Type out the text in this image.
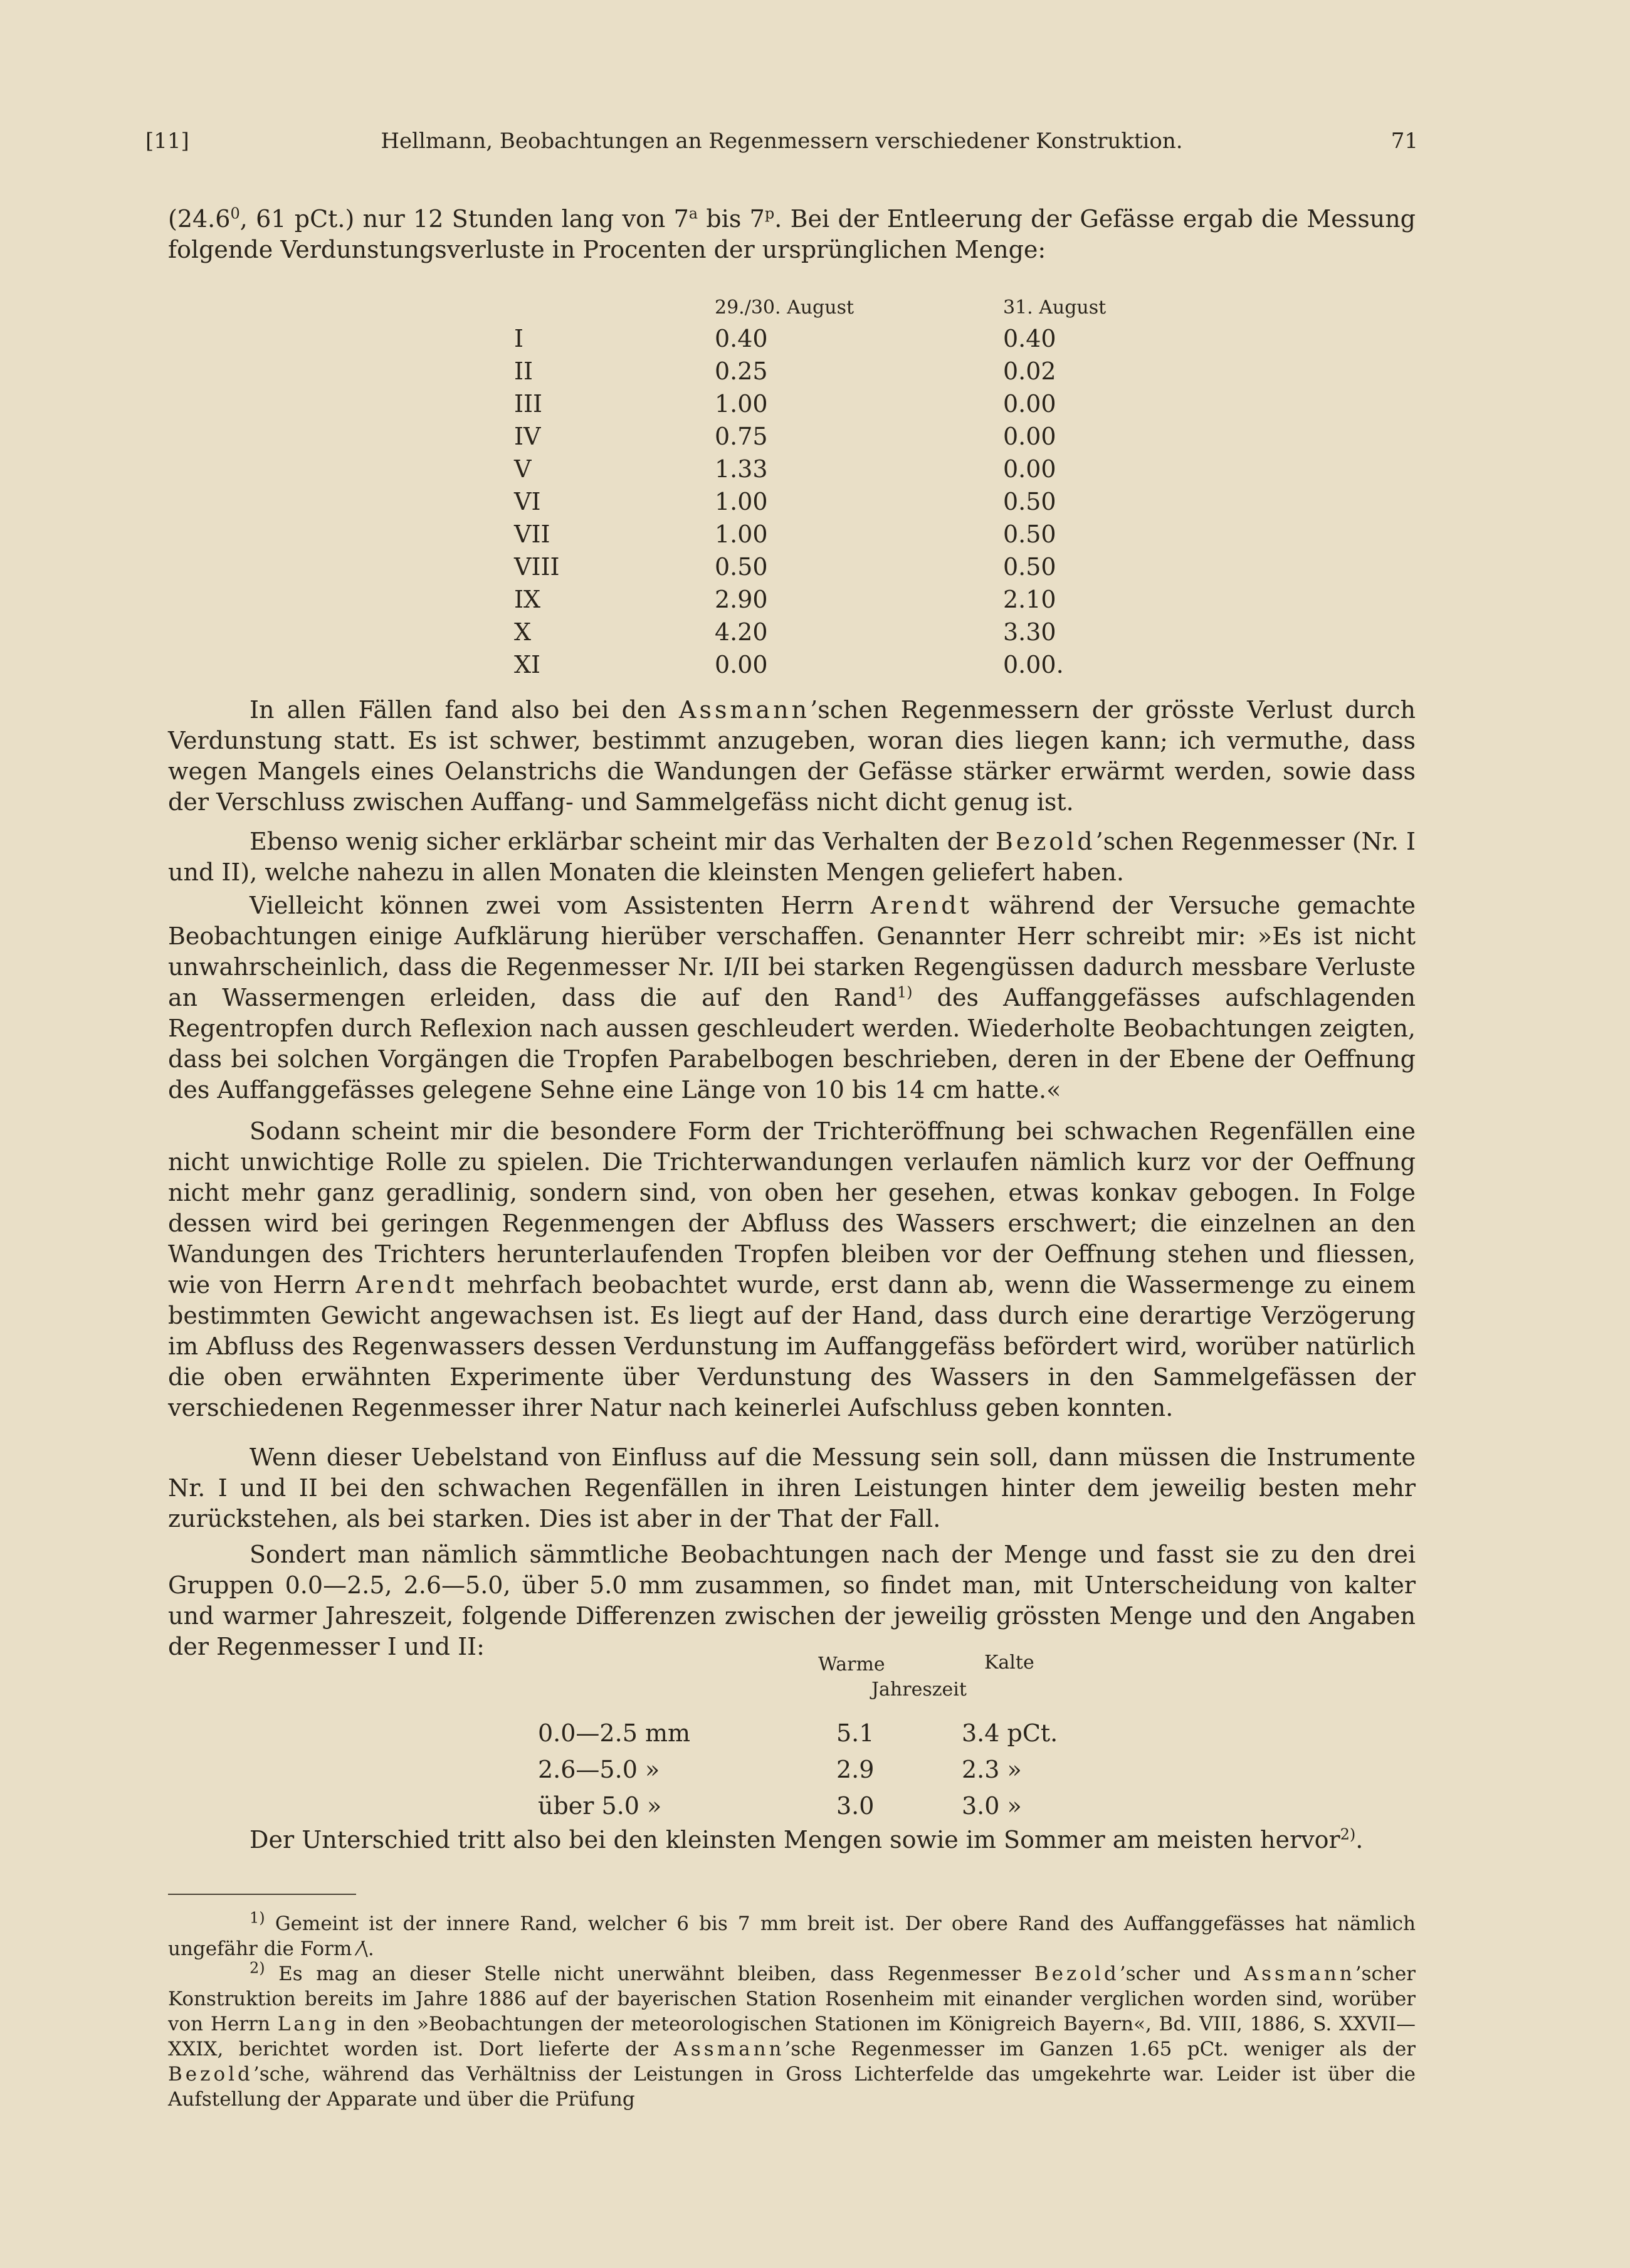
[11]	Hellmann, Beobachtungen an Regenmessern verschiedener Konstruktion.	71
(24.6$^0$, 61 pCt.) nur 12 Stunden lang von 7$^a$ bis 7$^p$. Bei der Entleerung der Gefässe ergab die Messung folgende Verdunstungsverluste in Procenten der ursprünglichen Menge:
	29./30. August	31. August
I	0.40	0.40
II	0.25	0.02
III	1.00	0.00
IV	0.75	0.00
V	1.33	0.00
VI	1.00	0.50
VII	1.00	0.50
VIII	0.50	0.50
IX	2.90	2.10
X	4.20	3.30
XI	0.00	0.00.
In allen Fällen fand also bei den Assmann’schen Regenmessern der grösste Verlust durch Verdunstung statt. Es ist schwer, bestimmt anzugeben, woran dies liegen kann; ich vermuthe, dass wegen Mangels eines Oelanstrichs die Wandungen der Gefässe stärker erwärmt werden, sowie dass der Verschluss zwischen Auffang- und Sammelgefäss nicht dicht genug ist.
Ebenso wenig sicher erklärbar scheint mir das Verhalten der Bezold’schen Regenmesser (Nr. I und II), welche nahezu in allen Monaten die kleinsten Mengen geliefert haben.
Vielleicht können zwei vom Assistenten Herrn Arendt während der Versuche gemachte Beobachtungen einige Aufklärung hierüber verschaffen. Genannter Herr schreibt mir: »Es ist nicht unwahrscheinlich, dass die Regenmesser Nr. I/II bei starken Regengüssen dadurch messbare Verluste an Wassermengen erleiden, dass die auf den Rand$^{1)}$ des Auffanggefässes aufschlagenden Regentropfen durch Reflexion nach aussen geschleudert werden. Wiederholte Beobachtungen zeigten, dass bei solchen Vorgängen die Tropfen Parabelbogen beschrieben, deren in der Ebene der Oeffnung des Auffanggefässes gelegene Sehne eine Länge von 10 bis 14 cm hatte.«
Sodann scheint mir die besondere Form der Trichteröffnung bei schwachen Regenfällen eine nicht unwichtige Rolle zu spielen. Die Trichterwandungen verlaufen nämlich kurz vor der Oeffnung nicht mehr ganz geradlinig, sondern sind, von oben her gesehen, etwas konkav gebogen. In Folge dessen wird bei geringen Regenmengen der Abfluss des Wassers erschwert; die einzelnen an den Wandungen des Trichters herunterlaufenden Tropfen bleiben vor der Oeffnung stehen und fliessen, wie von Herrn Arendt mehrfach beobachtet wurde, erst dann ab, wenn die Wassermenge zu einem bestimmten Gewicht angewachsen ist. Es liegt auf der Hand, dass durch eine derartige Verzögerung im Abfluss des Regenwassers dessen Verdunstung im Auffanggefäss befördert wird, worüber natürlich die oben erwähnten Experimente über Verdunstung des Wassers in den Sammelgefässen der verschiedenen Regenmesser ihrer Natur nach keinerlei Aufschluss geben konnten.
Wenn dieser Uebelstand von Einfluss auf die Messung sein soll, dann müssen die Instrumente Nr. I und II bei den schwachen Regenfällen in ihren Leistungen hinter dem jeweilig besten mehr zurückstehen, als bei starken. Dies ist aber in der That der Fall.
Sondert man nämlich sämmtliche Beobachtungen nach der Menge und fasst sie zu den drei Gruppen 0.0—2.5, 2.6—5.0, über 5.0 mm zusammen, so findet man, mit Unterscheidung von kalter und warmer Jahreszeit, folgende Differenzen zwischen der jeweilig grössten Menge und den Angaben der Regenmesser I und II:
Warme	Kalte
Jahreszeit
0.0—2.5 mm	5.1	3.4 pCt.
2.6—5.0 »	2.9	2.3 »
über 5.0 »	3.0	3.0 »
Der Unterschied tritt also bei den kleinsten Mengen sowie im Sommer am meisten hervor$^{2)}$.
$^{1)}$ Gemeint ist der innere Rand, welcher 6 bis 7 mm breit ist. Der obere Rand des Auffanggefässes hat nämlich ungefähr die Form ⁄\.
$^{2)}$ Es mag an dieser Stelle nicht unerwähnt bleiben, dass Regenmesser Bezold’scher und Assmann’scher Konstruktion bereits im Jahre 1886 auf der bayerischen Station Rosenheim mit einander verglichen worden sind, worüber von Herrn Lang in den »Beobachtungen der meteorologischen Stationen im Königreich Bayern«, Bd. VIII, 1886, S. XXVII—XXIX, berichtet worden ist. Dort lieferte der Assmann’sche Regenmesser im Ganzen 1.65 pCt. weniger als der Bezold’sche, während das Verhältniss der Leistungen in Gross Lichterfelde das umgekehrte war. Leider ist über die Aufstellung der Apparate und über die Prüfung
